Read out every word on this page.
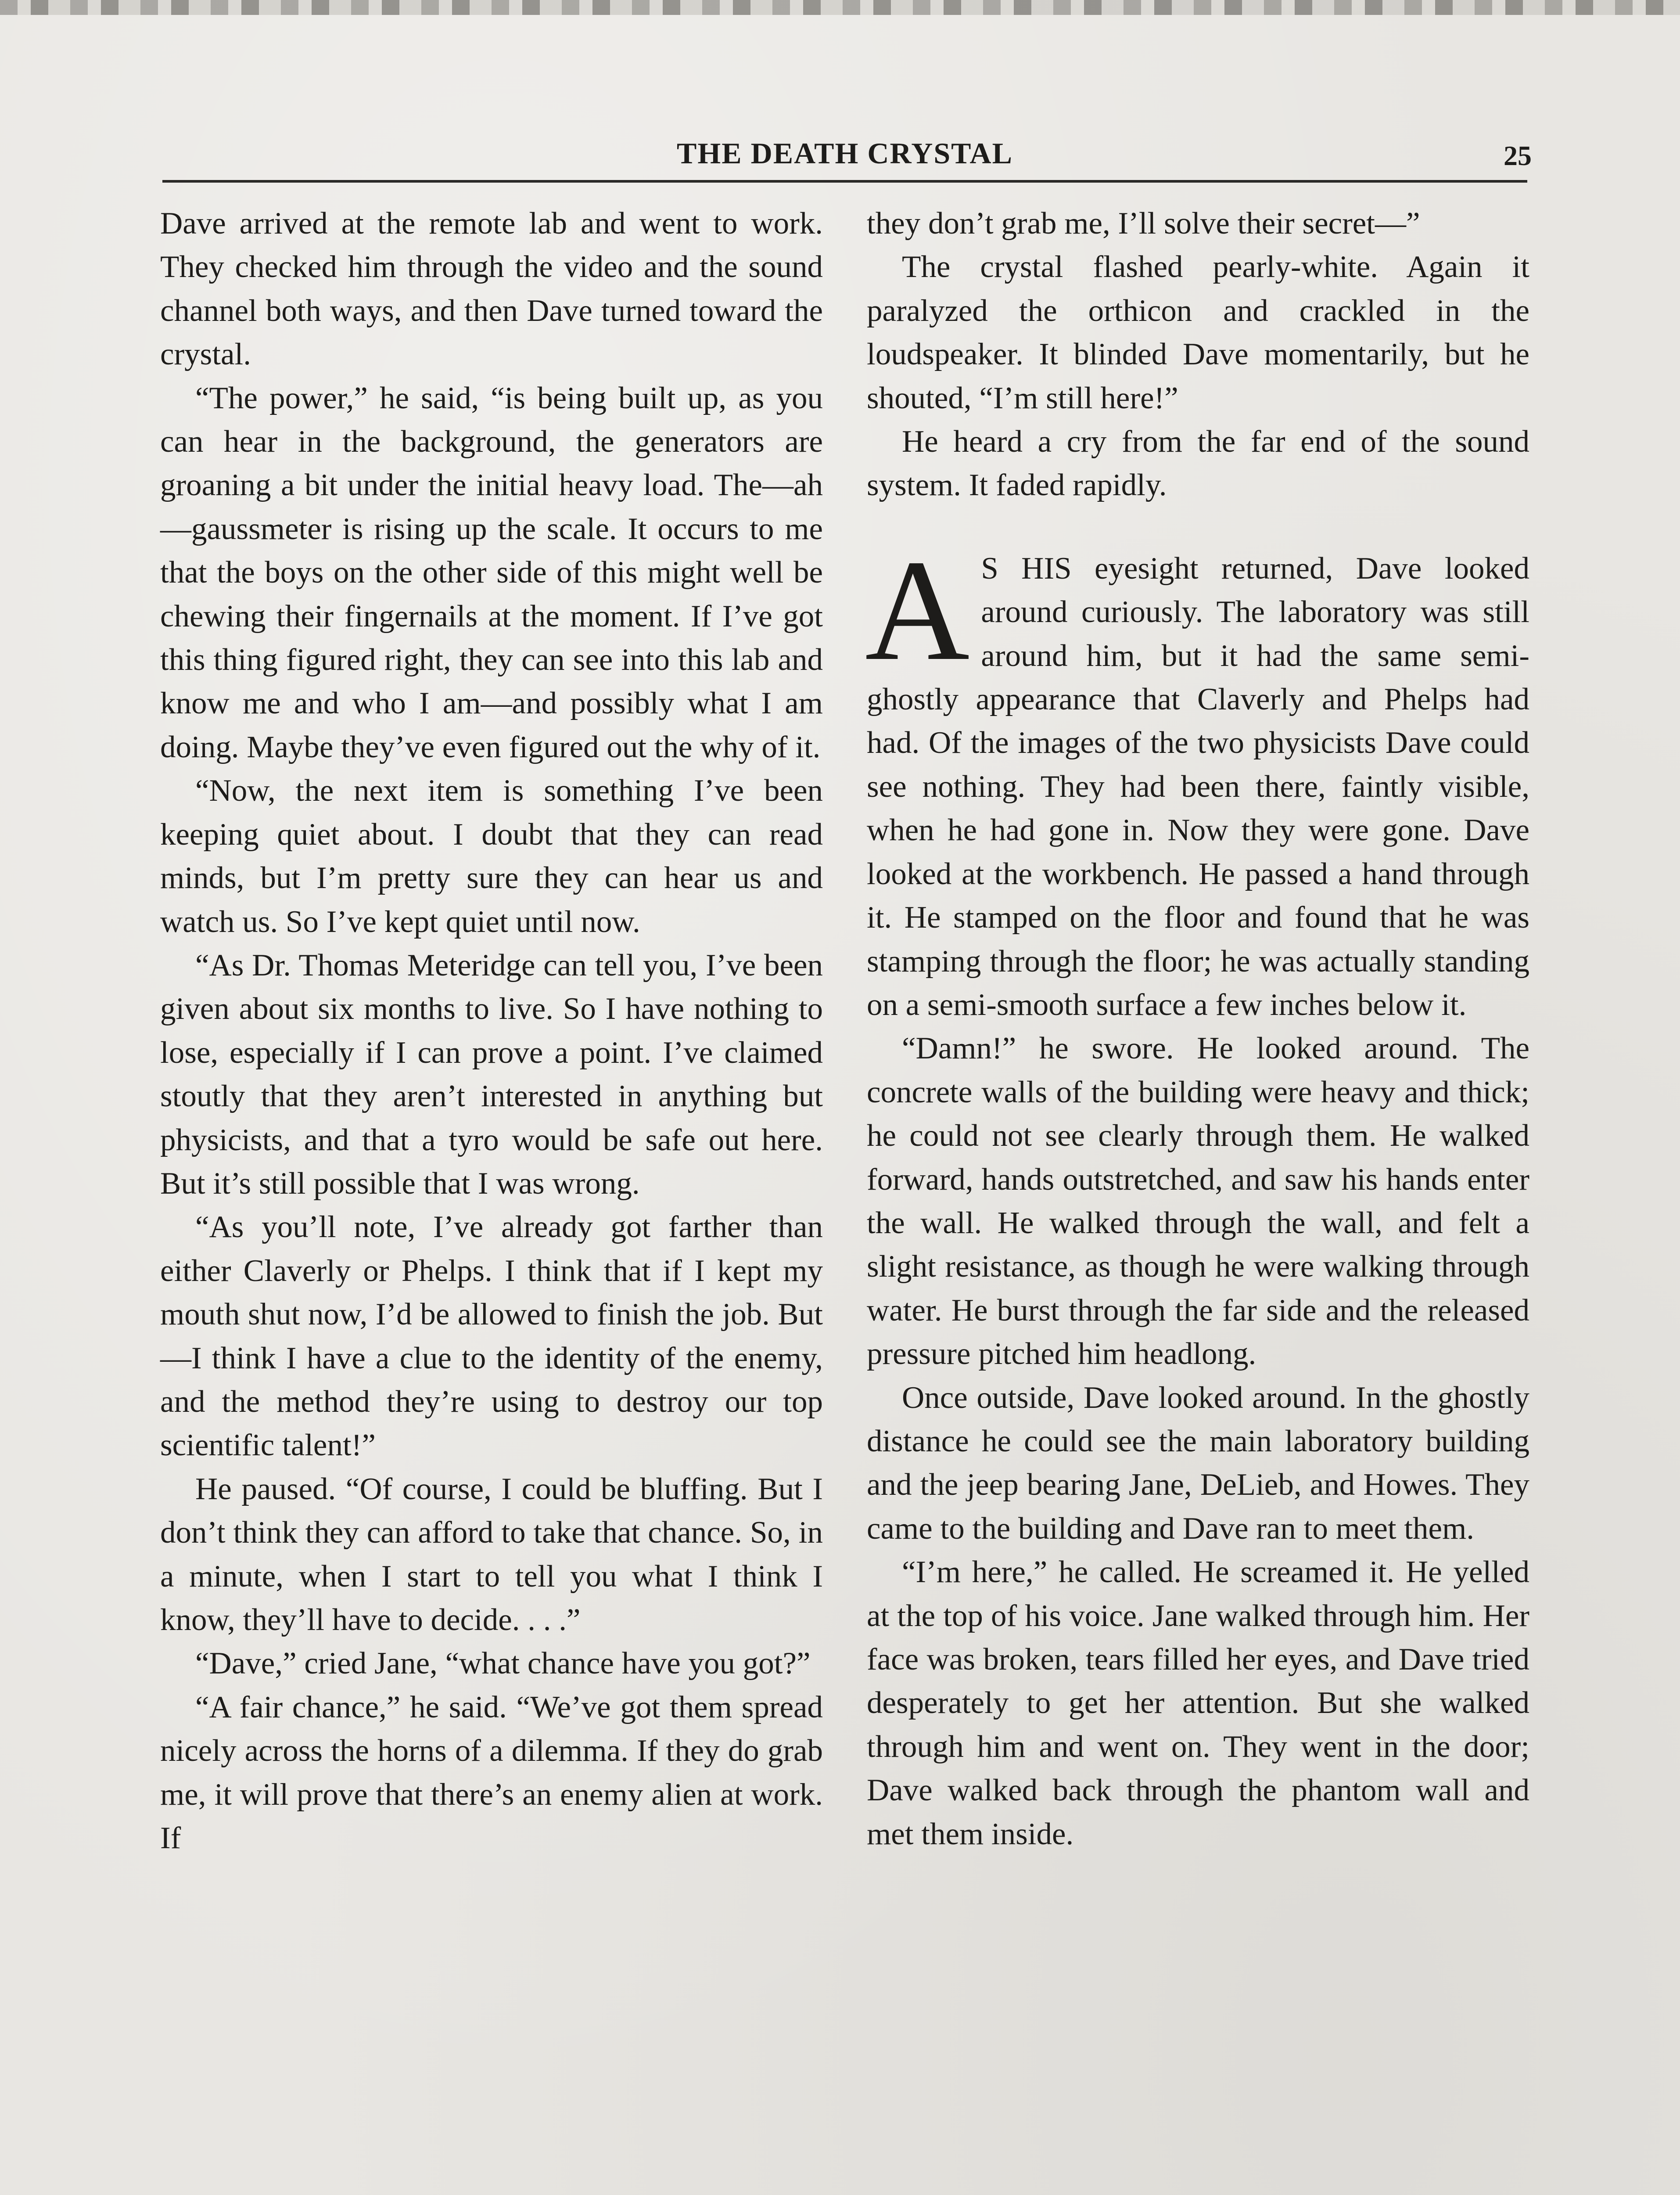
THE DEATH CRYSTAL	25

Dave arrived at the remote lab and went to work. They checked him through the video and the sound channel both ways, and then Dave turned toward the crystal.

“The power,” he said, “is being built up, as you can hear in the background, the generators are groaning a bit under the initial heavy load. The—ah—gaussmeter is rising up the scale. It occurs to me that the boys on the other side of this might well be chewing their fingernails at the moment. If I’ve got this thing figured right, they can see into this lab and know me and who I am—and possibly what I am doing. Maybe they’ve even figured out the why of it.

“Now, the next item is something I’ve been keeping quiet about. I doubt that they can read minds, but I’m pretty sure they can hear us and watch us. So I’ve kept quiet until now.

“As Dr. Thomas Meteridge can tell you, I’ve been given about six months to live. So I have nothing to lose, especially if I can prove a point. I’ve claimed stoutly that they aren’t interested in anything but physicists, and that a tyro would be safe out here. But it’s still possible that I was wrong.

“As you’ll note, I’ve already got farther than either Claverly or Phelps. I think that if I kept my mouth shut now, I’d be allowed to finish the job. But—I think I have a clue to the identity of the enemy, and the method they’re using to destroy our top scientific talent!”

He paused. “Of course, I could be bluffing. But I don’t think they can afford to take that chance. So, in a minute, when I start to tell you what I think I know, they’ll have to decide. . . .”

“Dave,” cried Jane, “what chance have you got?”

“A fair chance,” he said. “We’ve got them spread nicely across the horns of a dilemma. If they do grab me, it will prove that there’s an enemy alien at work. If

they don’t grab me, I’ll solve their secret—”

The crystal flashed pearly-white. Again it paralyzed the orthicon and crackled in the loudspeaker. It blinded Dave momentarily, but he shouted, “I’m still here!”

He heard a cry from the far end of the sound system. It faded rapidly.

A S HIS eyesight returned, Dave looked around curiously. The laboratory was still around him, but it had the same semi-ghostly appearance that Claverly and Phelps had had. Of the images of the two physicists Dave could see nothing. They had been there, faintly visible, when he had gone in. Now they were gone. Dave looked at the workbench. He passed a hand through it. He stamped on the floor and found that he was stamping through the floor; he was actually standing on a semi-smooth surface a few inches below it.

“Damn!” he swore. He looked around. The concrete walls of the building were heavy and thick; he could not see clearly through them. He walked forward, hands outstretched, and saw his hands enter the wall. He walked through the wall, and felt a slight resistance, as though he were walking through water. He burst through the far side and the released pressure pitched him headlong.

Once outside, Dave looked around. In the ghostly distance he could see the main laboratory building and the jeep bearing Jane, DeLieb, and Howes. They came to the building and Dave ran to meet them.

“I’m here,” he called. He screamed it. He yelled at the top of his voice. Jane walked through him. Her face was broken, tears filled her eyes, and Dave tried desperately to get her attention. But she walked through him and went on. They went in the door; Dave walked back through the phantom wall and met them inside.
